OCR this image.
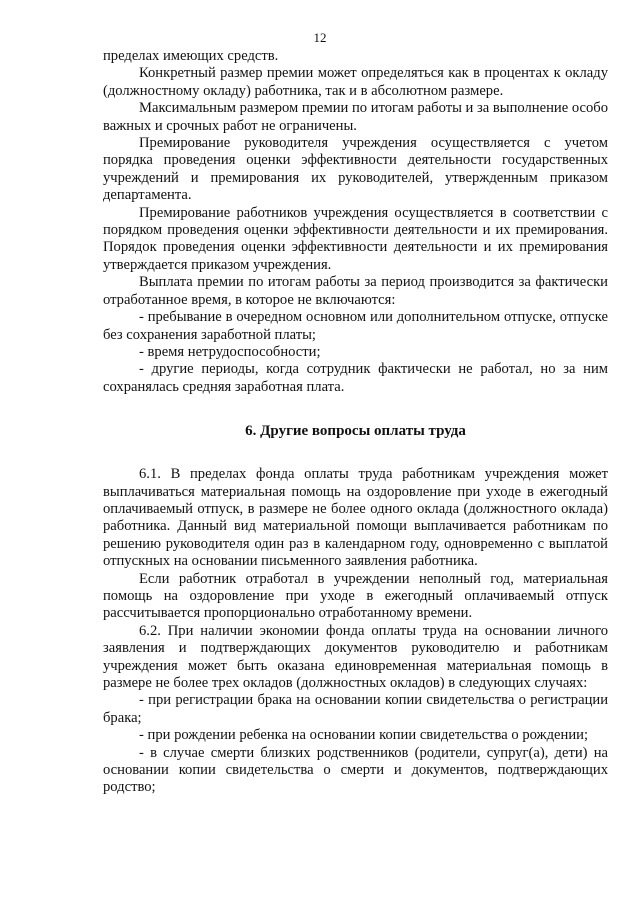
12

пределах имеющих средств.

Конкретный размер премии может определяться как в процентах к окладу (должностному окладу) работника, так и в абсолютном размере.

Максимальным размером премии по итогам работы и за выполнение особо важных и срочных работ не ограничены.

Премирование руководителя учреждения осуществляется с учетом порядка проведения оценки эффективности деятельности государственных учреждений и премирования их руководителей, утвержденным приказом департамента.

Премирование работников учреждения осуществляется в соответствии с порядком проведения оценки эффективности деятельности и их премирования. Порядок проведения оценки эффективности деятельности и их премирования утверждается приказом учреждения.

Выплата премии по итогам работы за период производится за фактически отработанное время, в которое не включаются:

- пребывание в очередном основном или дополнительном отпуске, отпуске без сохранения заработной платы;

- время нетрудоспособности;

- другие периоды, когда сотрудник фактически не работал, но за ним сохранялась средняя заработная плата.

6. Другие вопросы оплаты труда

6.1. В пределах фонда оплаты труда работникам учреждения может выплачиваться материальная помощь на оздоровление при уходе в ежегодный оплачиваемый отпуск, в размере не более одного оклада (должностного оклада) работника. Данный вид материальной помощи выплачивается работникам по решению руководителя один раз в календарном году, одновременно с выплатой отпускных на основании письменного заявления работника.

Если работник отработал в учреждении неполный год, материальная помощь на оздоровление при уходе в ежегодный оплачиваемый отпуск рассчитывается пропорционально отработанному времени.

6.2. При наличии экономии фонда оплаты труда на основании личного заявления и подтверждающих документов руководителю и работникам учреждения может быть оказана единовременная материальная помощь в размере не более трех окладов (должностных окладов) в следующих случаях:

- при регистрации брака на основании копии свидетельства о регистрации брака;

- при рождении ребенка на основании копии свидетельства о рождении;

- в случае смерти близких родственников (родители, супруг(а), дети) на основании копии свидетельства о смерти и документов, подтверждающих родство;
